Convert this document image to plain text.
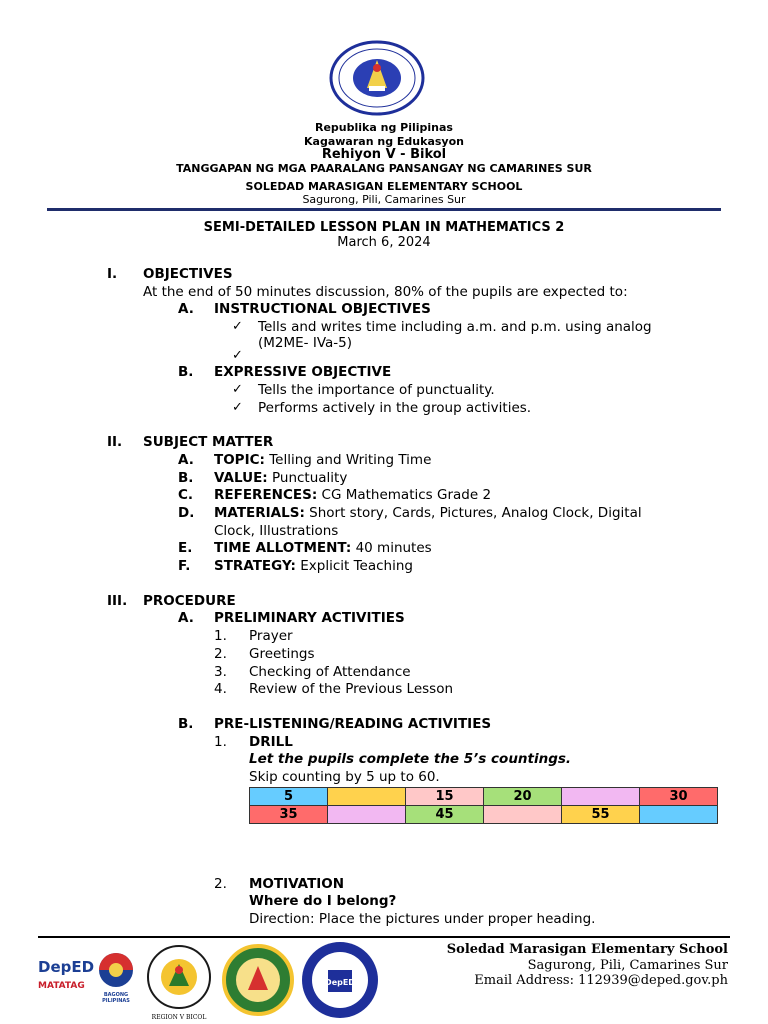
Republika ng Pilipinas
Kagawaran ng Edukasyon
Rehiyon V - Bikol
TANGGAPAN NG MGA PAARALANG PANSANGAY NG CAMARINES SUR
SOLEDAD MARASIGAN ELEMENTARY SCHOOL
Sagurong, Pili, Camarines Sur
SEMI-DETAILED LESSON PLAN IN MATHEMATICS 2
March 6, 2024
I. OBJECTIVES
At the end of 50 minutes discussion, 80% of the pupils are expected to:
A. INSTRUCTIONAL OBJECTIVES
✓ Tells and writes time including a.m. and p.m. using analog
(M2ME- IVa-5)
✓
B. EXPRESSIVE OBJECTIVE
✓ Tells the importance of punctuality.
✓ Performs actively in the group activities.
II. SUBJECT MATTER
A. TOPIC: Telling and Writing Time
B. VALUE: Punctuality
C. REFERENCES: CG Mathematics Grade 2
D. MATERIALS: Short story, Cards, Pictures, Analog Clock, Digital
Clock, Illustrations
E. TIME ALLOTMENT: 40 minutes
F. STRATEGY: Explicit Teaching
III. PROCEDURE
A. PRELIMINARY ACTIVITIES
1. Prayer
2. Greetings
3. Checking of Attendance
4. Review of the Previous Lesson
B. PRE-LISTENING/READING ACTIVITIES
1. DRILL
Let the pupils complete the 5’s countings.
Skip counting by 5 up to 60.
5		15	20		30
35		45		55	
2. MOTIVATION
Where do I belong?
Direction: Place the pictures under proper heading.
DepED
MATATAG
BAGONG PILIPINAS
REGION V BICOL
DepED
Soledad Marasigan Elementary School
Sagurong, Pili, Camarines Sur
Email Address: 112939@deped.gov.ph
